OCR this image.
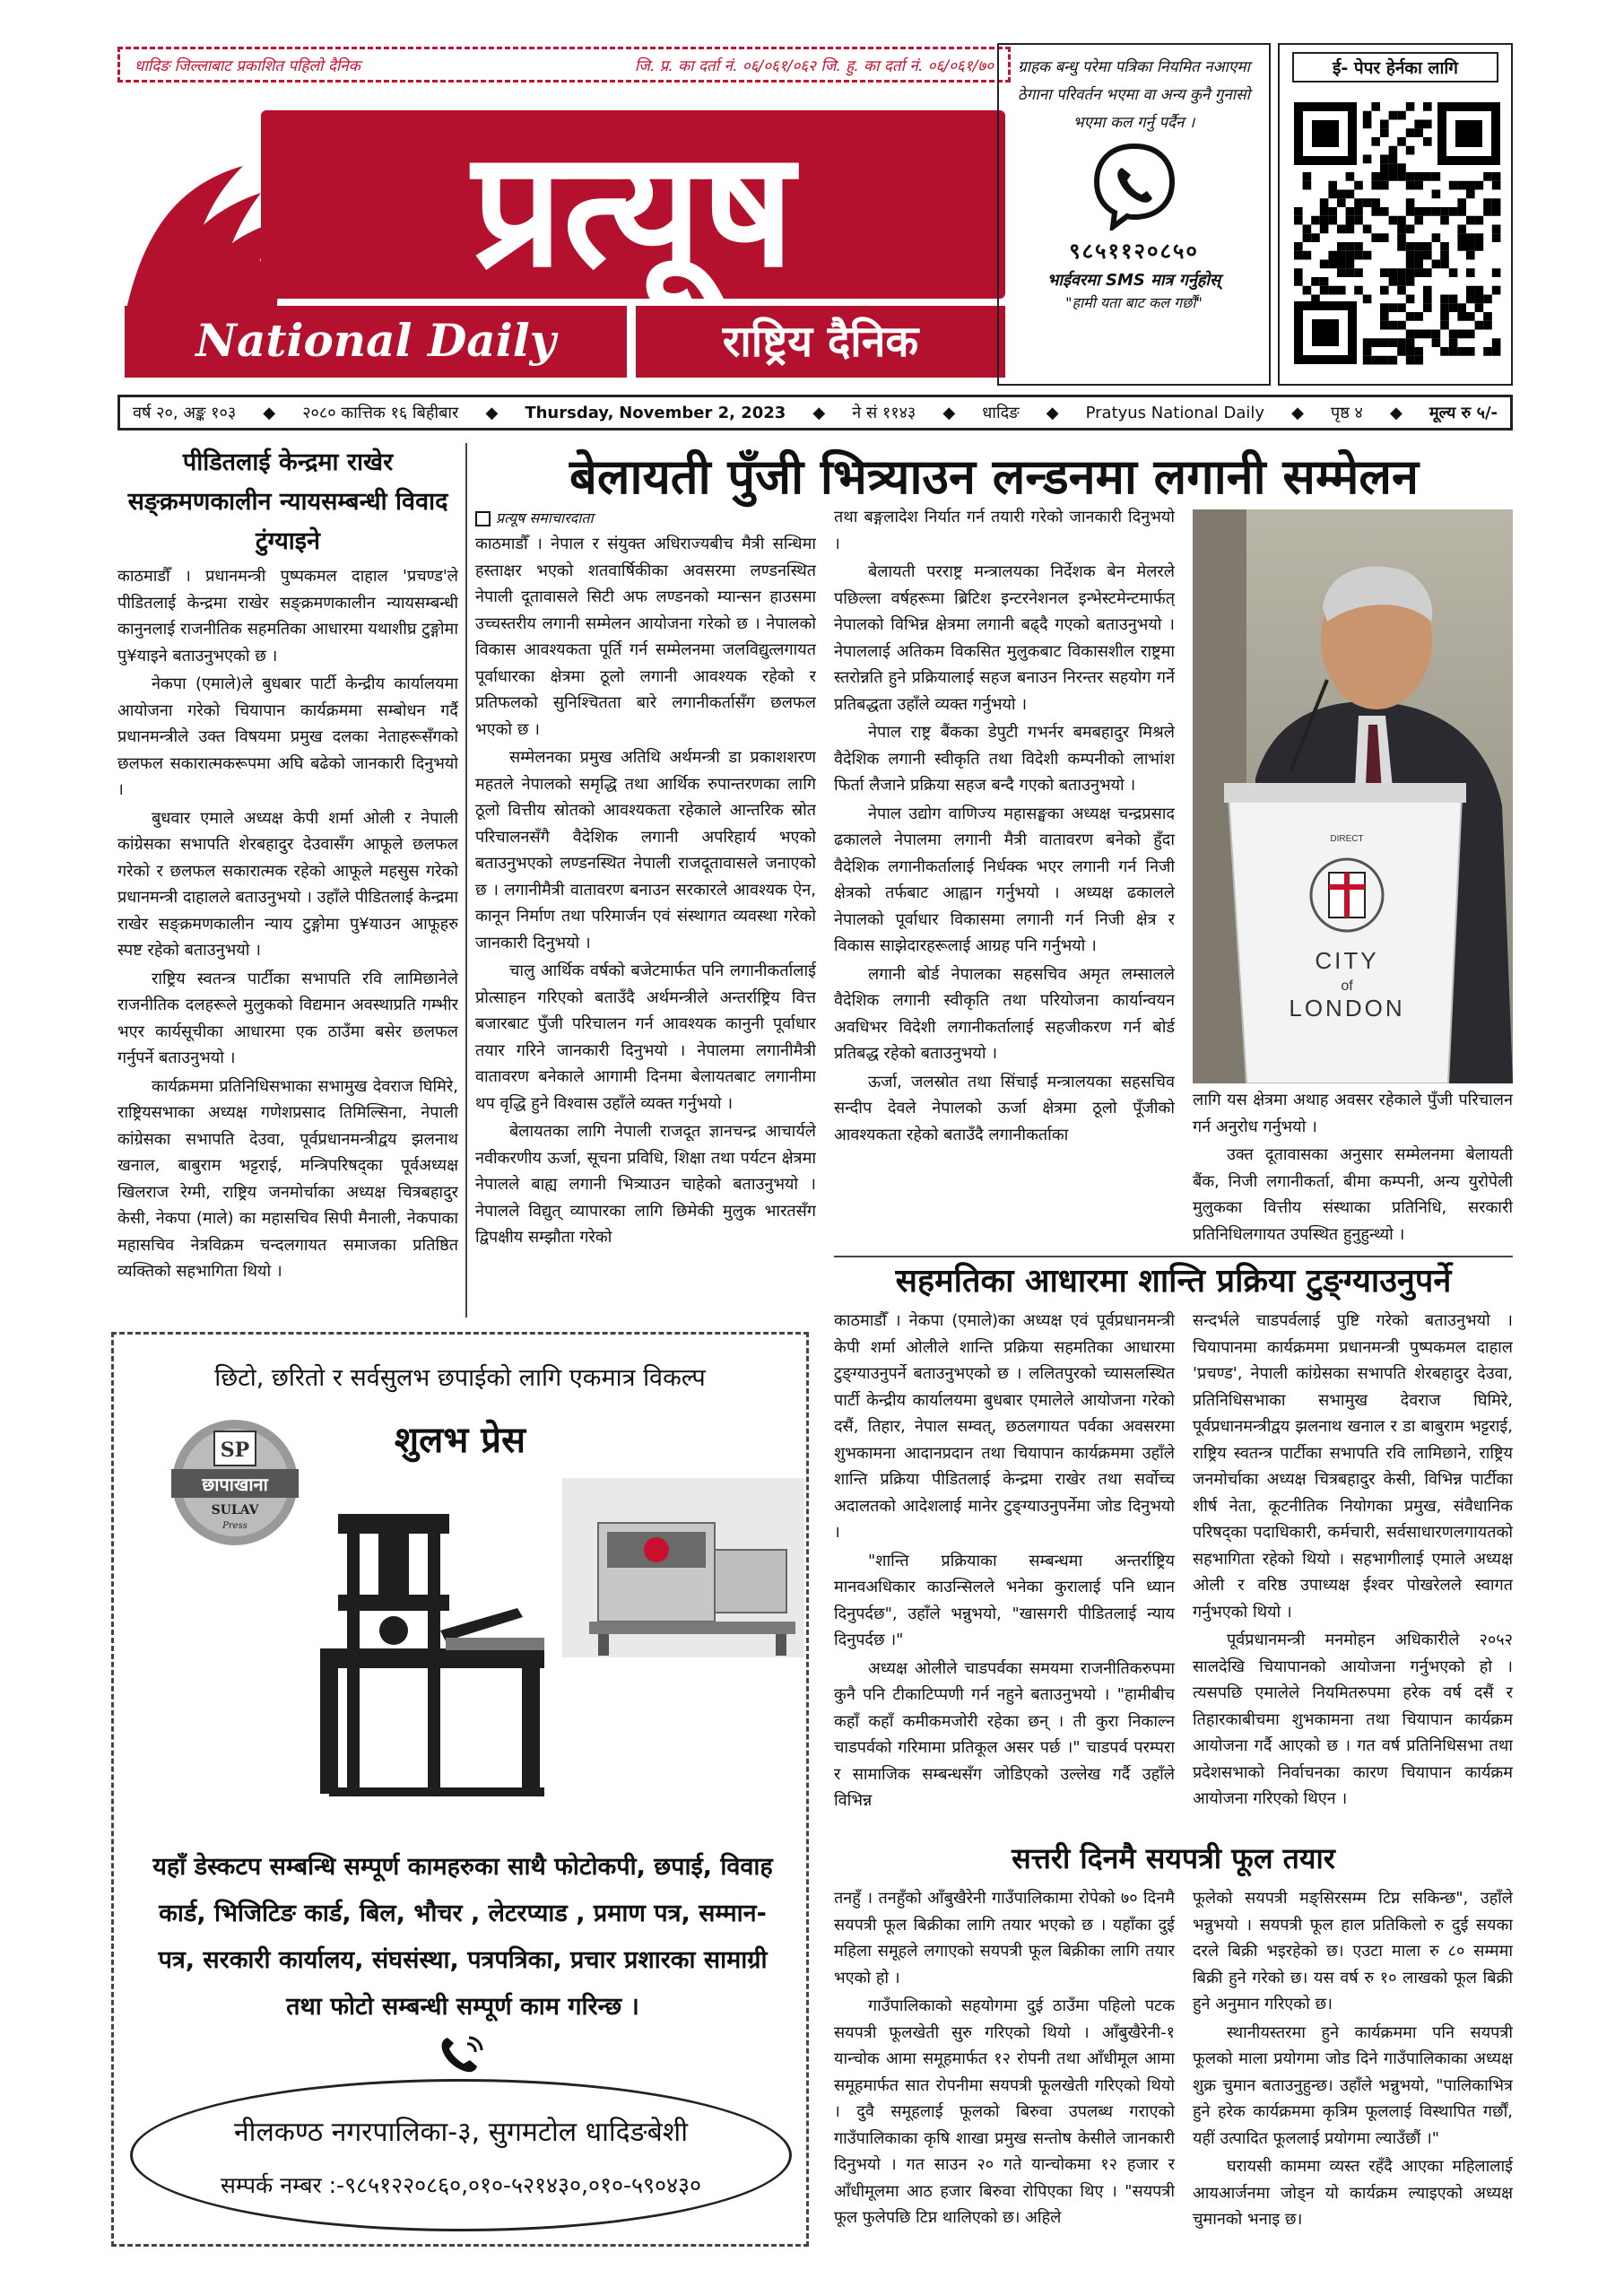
धादिङ जिल्लाबाट प्रकाशित पहिलो दैनिक	जि. प्र. का दर्ता नं. ०६/०६१/०६२ जि. हु. का दर्ता नं. ०६/०६१/७०
प्रत्यूष
National Daily	राष्ट्रिय दैनिक
ग्राहक बन्धु परेमा पत्रिका नियमित नआएमा ठेगाना परिवर्तन भएमा वा अन्य कुनै गुनासो भएमा कल गर्नु पर्दैन ।
९८५११२०८५०
भाईवरमा SMS मात्र गर्नुहोस्
"हामी यता बाट कल गर्छौं"
ई- पेपर हेर्नका लागि
वर्ष २०, अङ्क १०३ ◆ २०८० कात्तिक १६ बिहीबार ◆ Thursday, November 2, 2023 ◆ ने सं ११४३ ◆ धादिङ ◆ Pratyus National Daily ◆ पृष्ठ ४ ◆ मूल्य रु ५/-
पीडितलाई केन्द्रमा राखेर सङ्क्रमणकालीन न्यायसम्बन्धी विवाद टुंग्याइने

काठमाडौँ । प्रधानमन्त्री पुष्पकमल दाहाल 'प्रचण्ड'ले पीडितलाई केन्द्रमा राखेर सङ्क्रमणकालीन न्यायसम्बन्धी कानुनलाई राजनीतिक सहमतिका आधारमा यथाशीघ्र टुङ्गोमा पु¥याइने बताउनुभएको छ ।

नेकपा (एमाले)ले बुधबार पार्टी केन्द्रीय कार्यालयमा आयोजना गरेको चियापान कार्यक्रममा सम्बोधन गर्दै प्रधानमन्त्रीले उक्त विषयमा प्रमुख दलका नेताहरूसँगको छलफल सकारात्मकरूपमा अघि बढेको जानकारी दिनुभयो ।

बुधवार एमाले अध्यक्ष केपी शर्मा ओली र नेपाली कांग्रेसका सभापति शेरबहादुर देउवासँग आफूले छलफल गरेको र छलफल सकारात्मक रहेको आफूले महसुस गरेको प्रधानमन्त्री दाहालले बताउनुभयो । उहाँले पीडितलाई केन्द्रमा राखेर सङ्क्रमणकालीन न्याय टुङ्गोमा पु¥याउन आफूहरु स्पष्ट रहेको बताउनुभयो ।

राष्ट्रिय स्वतन्त्र पार्टीका सभापति रवि लामिछानेले राजनीतिक दलहरूले मुलुकको विद्यमान अवस्थाप्रति गम्भीर भएर कार्यसूचीका आधारमा एक ठाउँमा बसेर छलफल गर्नुपर्ने बताउनुभयो ।

कार्यक्रममा प्रतिनिधिसभाका सभामुख देवराज घिमिरे, राष्ट्रियसभाका अध्यक्ष गणेशप्रसाद तिमिल्सिना, नेपाली कांग्रेसका सभापति देउवा, पूर्वप्रधानमन्त्रीद्वय झलनाथ खनाल, बाबुराम भट्टराई, मन्त्रिपरिषद्का पूर्वअध्यक्ष खिलराज रेग्मी, राष्ट्रिय जनमोर्चाका अध्यक्ष चित्रबहादुर केसी, नेकपा (माले) का महासचिव सिपी मैनाली, नेकपाका महासचिव नेत्रविक्रम चन्दलगायत समाजका प्रतिष्ठित व्यक्तिको सहभागिता थियो ।

बेलायती पुँजी भित्र्याउन लन्डनमा लगानी सम्मेलन
प्रत्यूष समाचारदाता

काठमाडौँ । नेपाल र संयुक्त अधिराज्यबीच मैत्री सन्धिमा हस्ताक्षर भएको शतवार्षिकीका अवसरमा लण्डनस्थित नेपाली दूतावासले सिटी अफ लण्डनको म्यान्सन हाउसमा उच्चस्तरीय लगानी सम्मेलन आयोजना गरेको छ । नेपालको विकास आवश्यकता पूर्ति गर्न सम्मेलनमा जलविद्युत्लगायत पूर्वाधारका क्षेत्रमा ठूलो लगानी आवश्यक रहेको र प्रतिफलको सुनिश्चितता बारे लगानीकर्तासँग छलफल भएको छ ।

सम्मेलनका प्रमुख अतिथि अर्थमन्त्री डा प्रकाशशरण महतले नेपालको समृद्धि तथा आर्थिक रुपान्तरणका लागि ठूलो वित्तीय स्रोतको आवश्यकता रहेकाले आन्तरिक स्रोत परिचालनसँगै वैदेशिक लगानी अपरिहार्य भएको बताउनुभएको लण्डनस्थित नेपाली राजदूतावासले जनाएको छ । लगानीमैत्री वातावरण बनाउन सरकारले आवश्यक ऐन, कानून निर्माण तथा परिमार्जन एवं संस्थागत व्यवस्था गरेको जानकारी दिनुभयो ।

चालु आर्थिक वर्षको बजेटमार्फत पनि लगानीकर्तालाई प्रोत्साहन गरिएको बताउँदै अर्थमन्त्रीले अन्तर्राष्ट्रिय वित्त बजारबाट पुँजी परिचालन गर्न आवश्यक कानुनी पूर्वाधार तयार गरिने जानकारी दिनुभयो । नेपालमा लगानीमैत्री वातावरण बनेकाले आगामी दिनमा बेलायतबाट लगानीमा थप वृद्धि हुने विश्वास उहाँले व्यक्त गर्नुभयो ।

बेलायतका लागि नेपाली राजदूत ज्ञानचन्द्र आचार्यले नवीकरणीय ऊर्जा, सूचना प्रविधि, शिक्षा तथा पर्यटन क्षेत्रमा नेपालले बाह्य लगानी भित्र्याउन चाहेको बताउनुभयो । नेपालले विद्युत् व्यापारका लागि छिमेकी मुलुक भारतसँग द्विपक्षीय सम्झौता गरेको

तथा बङ्गलादेश निर्यात गर्न तयारी गरेको जानकारी दिनुभयो ।

बेलायती परराष्ट्र मन्त्रालयका निर्देशक बेन मेलरले पछिल्ला वर्षहरूमा ब्रिटिश इन्टरनेशनल इन्भेस्टमेन्टमार्फत् नेपालको विभिन्न क्षेत्रमा लगानी बढ्दै गएको बताउनुभयो । नेपाललाई अतिकम विकसित मुलुकबाट विकासशील राष्ट्रमा स्तरोन्नति हुने प्रक्रियालाई सहज बनाउन निरन्तर सहयोग गर्ने प्रतिबद्धता उहाँले व्यक्त गर्नुभयो ।

नेपाल राष्ट्र बैंकका डेपुटी गभर्नर बमबहादुर मिश्रले वैदेशिक लगानी स्वीकृति तथा विदेशी कम्पनीको लाभांश फिर्ता लैजाने प्रक्रिया सहज बन्दै गएको बताउनुभयो ।

नेपाल उद्योग वाणिज्य महासङ्घका अध्यक्ष चन्द्रप्रसाद ढकालले नेपालमा लगानी मैत्री वातावरण बनेको हुँदा वैदेशिक लगानीकर्तालाई निर्धक्क भएर लगानी गर्न निजी क्षेत्रको तर्फबाट आह्वान गर्नुभयो । अध्यक्ष ढकालले नेपालको पूर्वाधार विकासमा लगानी गर्न निजी क्षेत्र र विकास साझेदारहरूलाई आग्रह पनि गर्नुभयो ।

लगानी बोर्ड नेपालका सहसचिव अमृत लम्सालले वैदेशिक लगानी स्वीकृति तथा परियोजना कार्यान्वयन अवधिभर विदेशी लगानीकर्तालाई सहजीकरण गर्न बोर्ड प्रतिबद्ध रहेको बताउनुभयो ।

ऊर्जा, जलस्रोत तथा सिंचाई मन्त्रालयका सहसचिव सन्दीप देवले नेपालको ऊर्जा क्षेत्रमा ठूलो पूँजीको आवश्यकता रहेको बताउँदै लगानीकर्ताका

DIRECT
CITY
of
LONDON

लागि यस क्षेत्रमा अथाह अवसर रहेकाले पुँजी परिचालन गर्न अनुरोध गर्नुभयो ।

उक्त दूतावासका अनुसार सम्मेलनमा बेलायती बैंक, निजी लगानीकर्ता, बीमा कम्पनी, अन्य युरोपेली मुलुकका वित्तीय संस्थाका प्रतिनिधि, सरकारी प्रतिनिधिलगायत उपस्थित हुनुहुन्थ्यो ।

सहमतिका आधारमा शान्ति प्रक्रिया टुङ्ग्याउनुपर्ने

काठमाडौँ । नेकपा (एमाले)का अध्यक्ष एवं पूर्वप्रधानमन्त्री केपी शर्मा ओलीले शान्ति प्रक्रिया सहमतिका आधारमा टुङ्ग्याउनुपर्ने बताउनुभएको छ । ललितपुरको च्यासलस्थित पार्टी केन्द्रीय कार्यालयमा बुधबार एमालेले आयोजना गरेको दसैं, तिहार, नेपाल सम्वत्, छठलगायत पर्वका अवसरमा शुभकामना आदानप्रदान तथा चियापान कार्यक्रममा उहाँले शान्ति प्रक्रिया पीडितलाई केन्द्रमा राखेर तथा सर्वोच्च अदालतको आदेशलाई मानेर टुङ्ग्याउनुपर्नेमा जोड दिनुभयो ।

"शान्ति प्रक्रियाका सम्बन्धमा अन्तर्राष्ट्रिय मानवअधिकार काउन्सिलले भनेका कुरालाई पनि ध्यान दिनुपर्दछ", उहाँले भन्नुभयो, "खासगरी पीडितलाई न्याय दिनुपर्दछ ।"

अध्यक्ष ओलीले चाडपर्वका समयमा राजनीतिकरुपमा कुनै पनि टीकाटिप्पणी गर्न नहुने बताउनुभयो । "हामीबीच कहाँ कहाँ कमीकमजोरी रहेका छन् । ती कुरा निकाल्न चाडपर्वको गरिमामा प्रतिकूल असर पर्छ ।" चाडपर्व परम्परा र सामाजिक सम्बन्धसँग जोडिएको उल्लेख गर्दै उहाँले विभिन्न

सन्दर्भले चाडपर्वलाई पुष्टि गरेको बताउनुभयो । चियापानमा कार्यक्रममा प्रधानमन्त्री पुष्पकमल दाहाल 'प्रचण्ड', नेपाली कांग्रेसका सभापति शेरबहादुर देउवा, प्रतिनिधिसभाका सभामुख देवराज घिमिरे, पूर्वप्रधानमन्त्रीद्वय झलनाथ खनाल र डा बाबुराम भट्टराई, राष्ट्रिय स्वतन्त्र पार्टीका सभापति रवि लामिछाने, राष्ट्रिय जनमोर्चाका अध्यक्ष चित्रबहादुर केसी, विभिन्न पार्टीका शीर्ष नेता, कूटनीतिक नियोगका प्रमुख, संवैधानिक परिषद्का पदाधिकारी, कर्मचारी, सर्वसाधारणलगायतको सहभागिता रहेको थियो । सहभागीलाई एमाले अध्यक्ष ओली र वरिष्ठ उपाध्यक्ष ईश्वर पोखरेलले स्वागत गर्नुभएको थियो ।

पूर्वप्रधानमन्त्री मनमोहन अधिकारीले २०५२ सालदेखि चियापानको आयोजना गर्नुभएको हो । त्यसपछि एमालेले नियमितरुपमा हरेक वर्ष दसैं र तिहारकाबीचमा शुभकामना तथा चियापान कार्यक्रम आयोजना गर्दै आएको छ । गत वर्ष प्रतिनिधिसभा तथा प्रदेशसभाको निर्वाचनका कारण चियापान कार्यक्रम आयोजना गरिएको थिएन ।

सत्तरी दिनमै सयपत्री फूल तयार

तनहुँ । तनहुँको आँबुखैरेनी गाउँपालिकामा रोपेको ७० दिनमै सयपत्री फूल बिक्रीका लागि तयार भएको छ । यहाँका दुई महिला समूहले लगाएको सयपत्री फूल बिक्रीका लागि तयार भएको हो ।

गाउँपालिकाको सहयोगमा दुई ठाउँमा पहिलो पटक सयपत्री फूलखेती सुरु गरिएको थियो । आँबुखैरेनी-१ यान्चोक आमा समूहमार्फत १२ रोपनी तथा आँधीमूल आमा समूहमार्फत सात रोपनीमा सयपत्री फूलखेती गरिएको थियो । दुवै समूहलाई फूलको बिरुवा उपलब्ध गराएको गाउँपालिकाका कृषि शाखा प्रमुख सन्तोष केसीले जानकारी दिनुभयो । गत साउन २० गते यान्चोकमा १२ हजार र आँधीमूलमा आठ हजार बिरुवा रोपिएका थिए । "सयपत्री फूल फुलेपछि टिप्न थालिएको छ। अहिले

फूलेको सयपत्री मङ्सिरसम्म टिप्न सकिन्छ", उहाँले भन्नुभयो । सयपत्री फूल हाल प्रतिकिलो रु दुई सयका दरले बिक्री भइरहेको छ। एउटा माला रु ८० सम्ममा बिक्री हुने गरेको छ। यस वर्ष रु १० लाखको फूल बिक्री हुने अनुमान गरिएको छ।

स्थानीयस्तरमा हुने कार्यक्रममा पनि सयपत्री फूलको माला प्रयोगमा जोड दिने गाउँपालिकाका अध्यक्ष शुक्र चुमान बताउनुहुन्छ। उहाँले भन्नुभयो, "पालिकाभित्र हुने हरेक कार्यक्रममा कृत्रिम फूललाई विस्थापित गर्छौं, यहीं उत्पादित फूललाई प्रयोगमा ल्याउँछौं ।"

घरायसी काममा व्यस्त रहँदै आएका महिलालाई आयआर्जनमा जोड्न यो कार्यक्रम ल्याइएको अध्यक्ष चुमानको भनाइ छ।

छिटो, छरितो र सर्वसुलभ छपाईको लागि एकमात्र विकल्प
शुलभ प्रेस
SP
छापाखाना
SULAV
Press
यहाँ डेस्कटप सम्बन्धि सम्पूर्ण कामहरुका साथै फोटोकपी, छपाई, विवाह कार्ड, भिजिटिङ कार्ड, बिल, भौचर , लेटरप्याड , प्रमाण पत्र, सम्मान-पत्र, सरकारी कार्यालय, संघसंस्था, पत्रपत्रिका, प्रचार प्रशारका सामाग्री तथा फोटो सम्बन्धी सम्पूर्ण काम गरिन्छ ।
नीलकण्ठ नगरपालिका-३, सुगमटोल धादिङबेशी
सम्पर्क नम्बर :-९८५१२२०८६०,०१०-५२१४३०,०१०-५९०४३०
